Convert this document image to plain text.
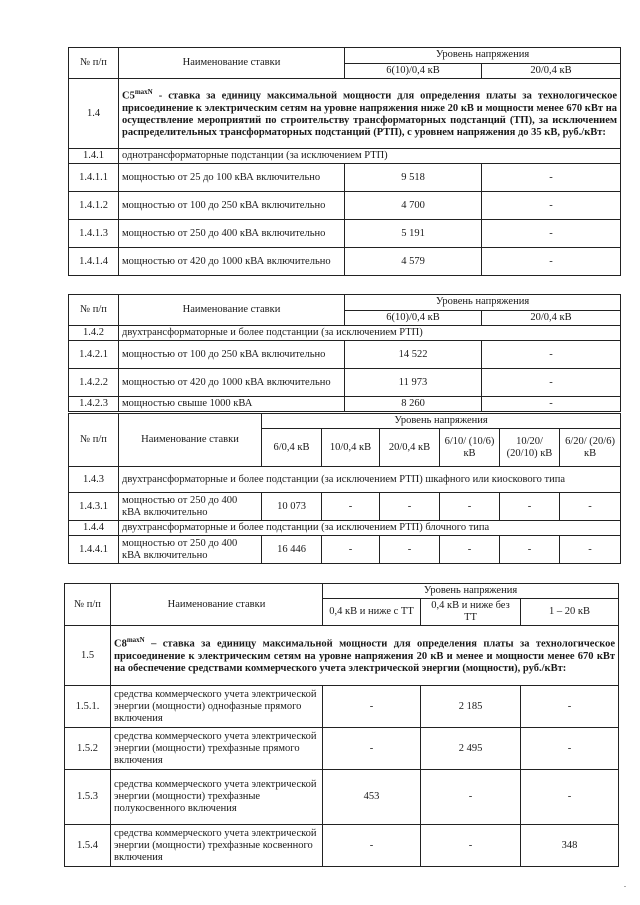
№ п/п	Наименование ставки	Уровень напряжения	
		6(10)/0,4 кВ	20/0,4 кВ
1.4	$C5^{maxN}$ - ставка за единицу максимальной мощности для определения платы за технологическое присоединение к электрическим сетям на уровне напряжения ниже 20 кВ и мощности менее 670 кВт на осуществление мероприятий по строительству трансформаторных подстанций (ТП), за исключением распределительных трансформаторных подстанций (РТП), с уровнем напряжения до 35 кВ, руб./кВт:		
1.4.1	однотрансформаторные подстанции (за исключением РТП)		
1.4.1.1	мощностью от 25 до 100 кВА включительно	9 518	-
1.4.1.2	мощностью от 100 до 250 кВА включительно	4 700	-
1.4.1.3	мощностью от 250 до 400 кВА включительно	5 191	-
1.4.1.4	мощностью от 420 до 1000 кВА включительно	4 579	-
№ п/п	Наименование ставки	Уровень напряжения	
		6(10)/0,4 кВ	20/0,4 кВ
1.4.2	двухтрансформаторные и более подстанции (за исключением РТП)		
1.4.2.1	мощностью от 100 до 250 кВА включительно	14 522	-
1.4.2.2	мощностью от 420 до 1000 кВА включительно	11 973	-
1.4.2.3	мощностью свыше 1000 кВА	8 260	-
№ п/п	Наименование ставки	Уровень напряжения					
		6/0,4 кВ	10/0,4 кВ	20/0,4 кВ	6/10/ (10/6) кВ	10/20/ (20/10) кВ	6/20/ (20/6) кВ
1.4.3	двухтрансформаторные и более подстанции (за исключением РТП) шкафного или киоскового типа						
1.4.3.1	мощностью от 250 до 400 кВА включительно	10 073	-	-	-	-	-
1.4.4	двухтрансформаторные и более подстанции (за исключением РТП) блочного типа						
1.4.4.1	мощностью от 250 до 400 кВА включительно	16 446	-	-	-	-	-
№ п/п	Наименование ставки	Уровень напряжения		
		0,4 кВ и ниже с ТТ	0,4 кВ и ниже без ТТ	1 – 20 кВ
1.5	$C8^{maxN}$ – ставка за единицу максимальной мощности для определения платы за технологическое присоединение к электрическим сетям на уровне напряжения 20 кВ и менее и мощности менее 670 кВт на обеспечение средствами коммерческого учета электрической энергии (мощности), руб./кВт:			
1.5.1.	средства коммерческого учета электрической энергии (мощности) однофазные прямого включения	-	2 185	-
1.5.2	средства коммерческого учета электрической энергии (мощности) трехфазные прямого включения	-	2 495	-
1.5.3	средства коммерческого учета электрической энергии (мощности) трехфазные полукосвенного включения	453	-	-
1.5.4	средства коммерческого учета электрической энергии (мощности) трехфазные косвенного включения	-	-	348
.
